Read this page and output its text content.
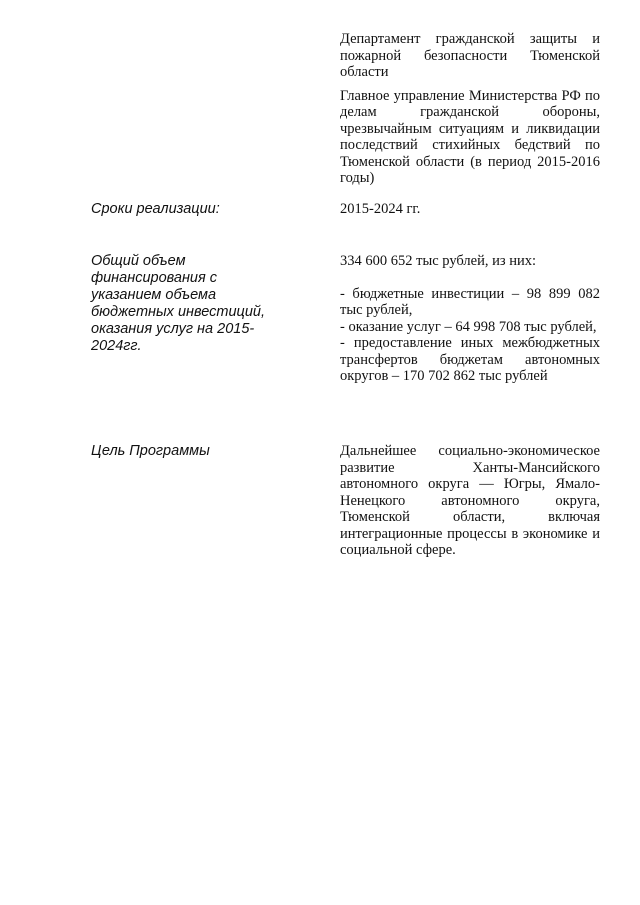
Департамент гражданской защиты и пожарной безопасности Тюменской области

Главное управление Министерства РФ по делам гражданской обороны, чрезвычайным ситуациям и ликвидации последствий стихийных бедствий по Тюменской области (в период 2015-2016 годы)

Сроки реализации:	2015-2024 гг.
Общий объем финансирования с указанием объема бюджетных инвестиций, оказания услуг на 2015-2024гг.

334 600 652 тыс рублей, из них:

- бюджетные инвестиции – 98 899 082 тыс рублей,

- оказание услуг – 64 998 708 тыс рублей,

- предоставление иных межбюджетных трансфертов бюджетам автономных округов – 170 702 862 тыс рублей

Цель Программы	Дальнейшее социально-экономическое развитие Ханты-Мансийского автономного округа — Югры, Ямало-Ненецкого автономного округа, Тюменской области, включая интеграционные процессы в экономике и социальной сфере.
